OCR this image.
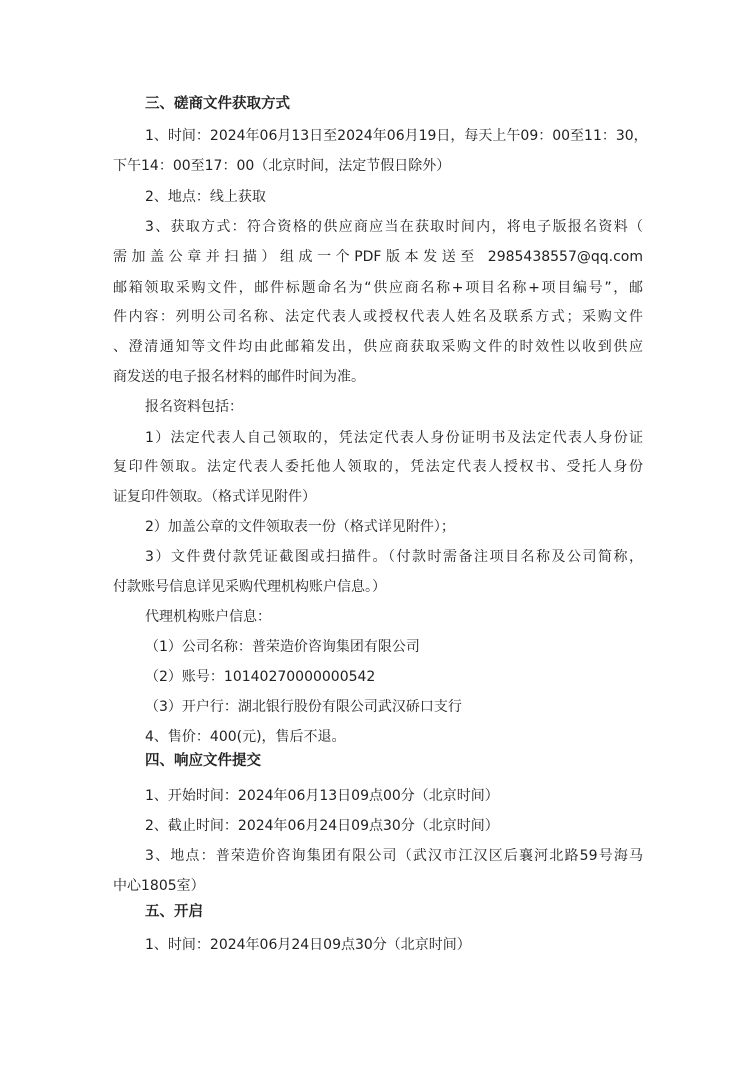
三、磋商文件获取方式
1、时间：2024年06月13日至2024年06月19日，每天上午09：00至11：30，
下午14：00至17：00（北京时间，法定节假日除外）
2、地点：线上获取
3、获取方式：符合资格的供应商应当在获取时间内，将电子版报名资料（
需加盖公章并扫描）组成一个PDF版本发送至 2985438557@qq.com
邮箱领取采购文件，邮件标题命名为“供应商名称+项目名称+项目编号”，邮
件内容：列明公司名称、法定代表人或授权代表人姓名及联系方式；采购文件
、澄清通知等文件均由此邮箱发出，供应商获取采购文件的时效性以收到供应
商发送的电子报名材料的邮件时间为准。
报名资料包括：
1）法定代表人自己领取的，凭法定代表人身份证明书及法定代表人身份证
复印件领取。法定代表人委托他人领取的，凭法定代表人授权书、受托人身份
证复印件领取。（格式详见附件）
2）加盖公章的文件领取表一份（格式详见附件）；
3）文件费付款凭证截图或扫描件。（付款时需备注项目名称及公司简称，
付款账号信息详见采购代理机构账户信息。）
代理机构账户信息：
（1）公司名称：普荣造价咨询集团有限公司
（2）账号：10140270000000542
（3）开户行：湖北银行股份有限公司武汉硚口支行
4、售价：400(元)，售后不退。
四、响应文件提交
1、开始时间：2024年06月13日09点00分（北京时间）
2、截止时间：2024年06月24日09点30分（北京时间）
3、地点：普荣造价咨询集团有限公司（武汉市江汉区后襄河北路59号海马
中心1805室）
五、开启
1、时间：2024年06月24日09点30分（北京时间）
